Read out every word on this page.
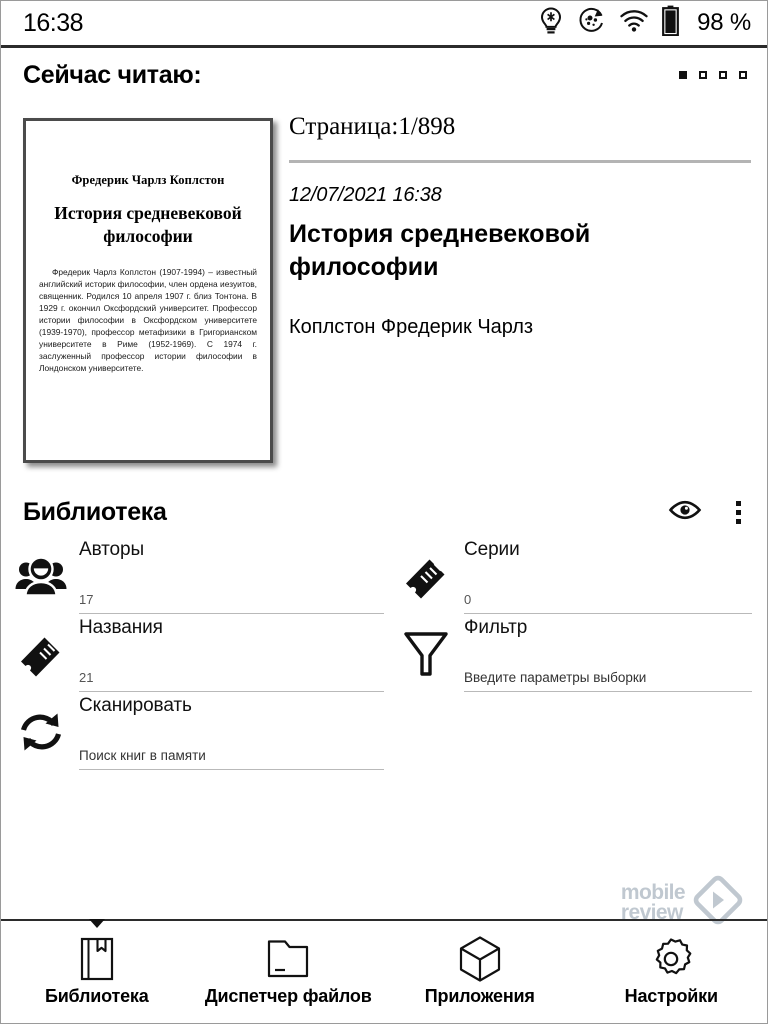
16:38	98 %
Сейчас читаю:
Фредерик Чарлз Коплстон
История средневековой философии
Фредерик Чарлз Коплстон (1907-1994) – известный английский историк философии, член ордена иезуитов, священник. Родился 10 апреля 1907 г. близ Тонтона. В 1929 г. окончил Оксфордский университет. Профессор истории философии в Оксфордском университете (1939-1970), профессор метафизики в Григорианском университете в Риме (1952-1969). С 1974 г. заслуженный профессор истории философии в Лондонском университете.
Страница:1/898
12/07/2021 16:38
История средневековой философии
Коплстон Фредерик Чарлз
Библиотека
Авторы
17
Названия
21
Сканировать
Поиск книг в памяти
Серии
0
Фильтр
Введите параметры выборки
mobile
review
Библиотека	Диспетчер файлов	Приложения	Настройки
